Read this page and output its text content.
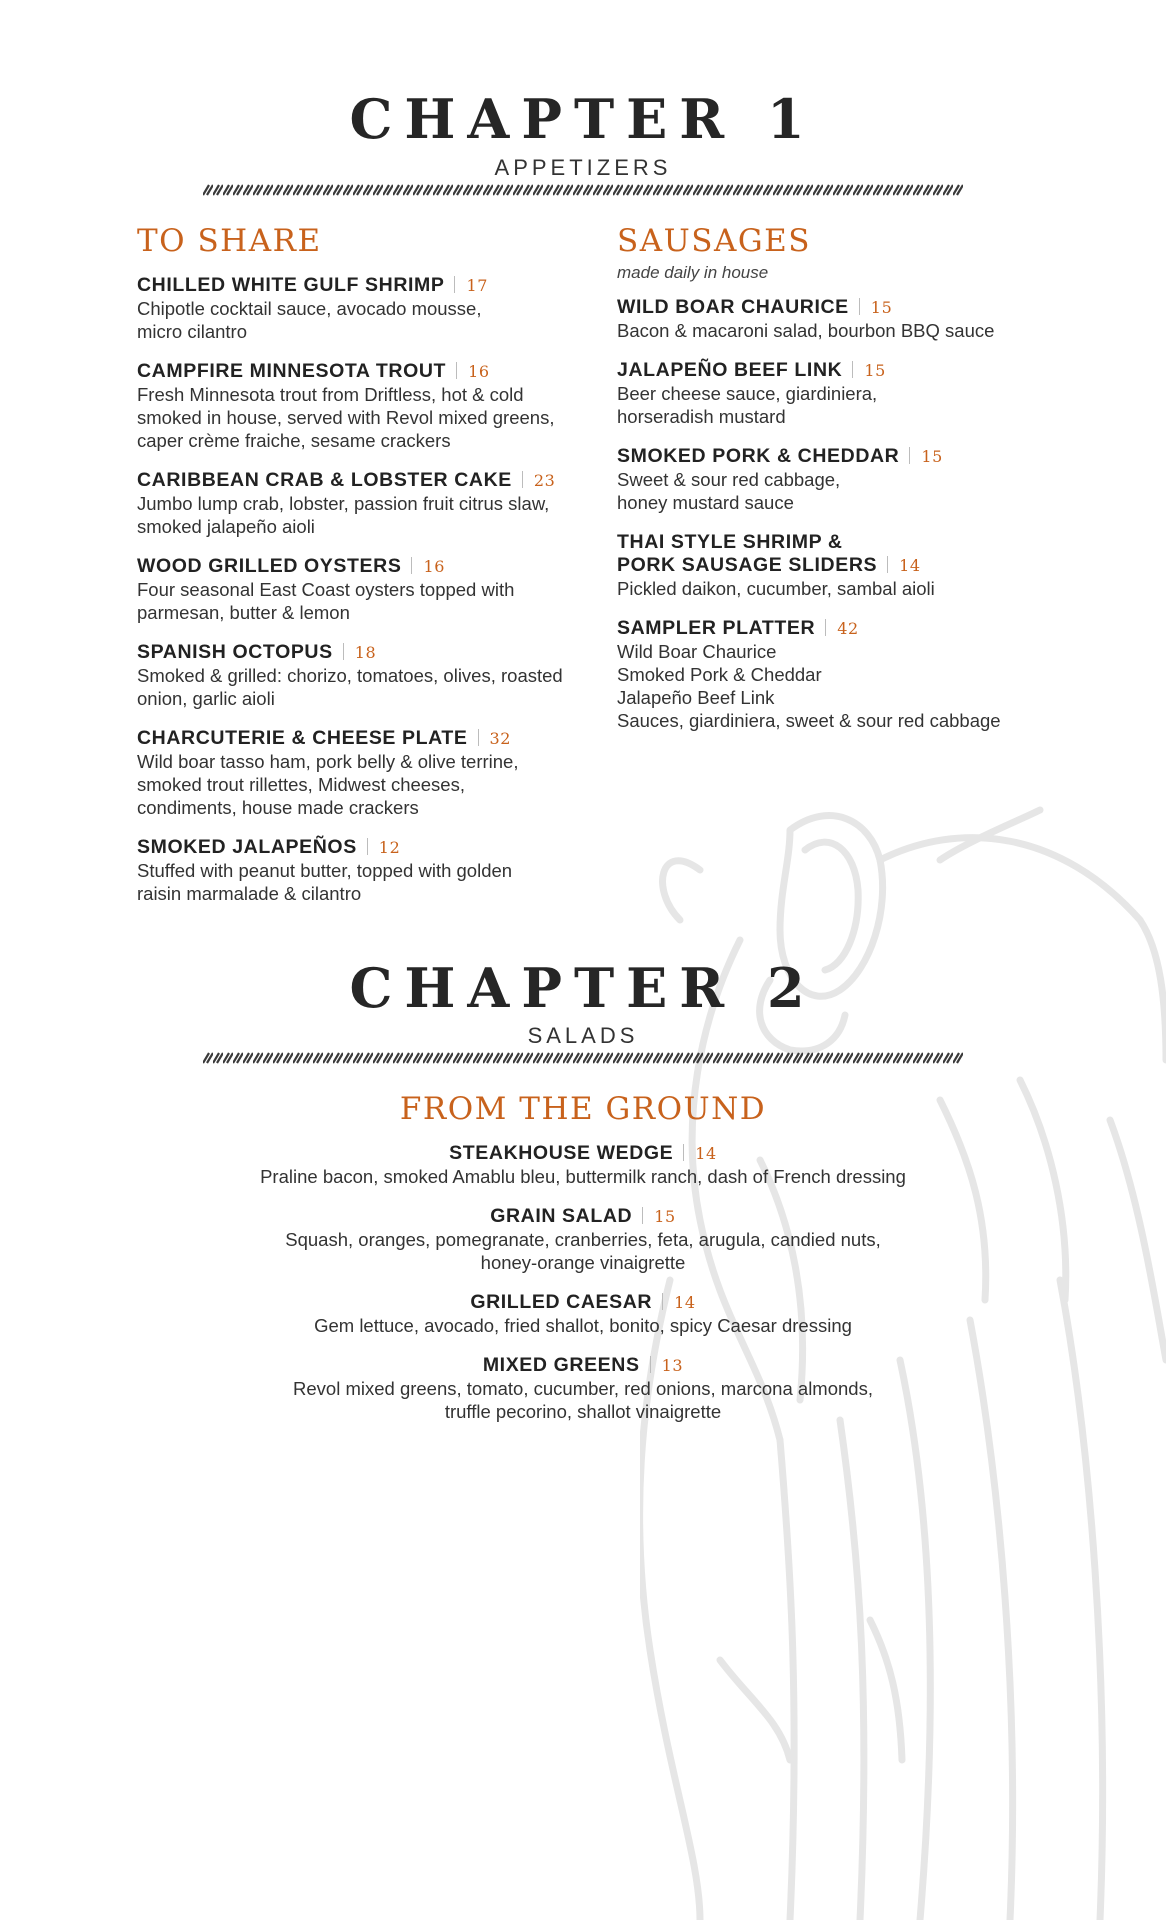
CHAPTER 1
APPETIZERS
TO SHARE
CHILLED WHITE GULF SHRIMP 17
Chipotle cocktail sauce, avocado mousse,
micro cilantro
CAMPFIRE MINNESOTA TROUT 16
Fresh Minnesota trout from Driftless, hot & cold
smoked in house, served with Revol mixed greens,
caper crème fraiche, sesame crackers
CARIBBEAN CRAB & LOBSTER CAKE 23
Jumbo lump crab, lobster, passion fruit citrus slaw,
smoked jalapeño aioli
WOOD GRILLED OYSTERS 16
Four seasonal East Coast oysters topped with
parmesan, butter & lemon
SPANISH OCTOPUS 18
Smoked & grilled: chorizo, tomatoes, olives, roasted
onion, garlic aioli
CHARCUTERIE & CHEESE PLATE 32
Wild boar tasso ham, pork belly & olive terrine,
smoked trout rillettes, Midwest cheeses,
condiments, house made crackers
SMOKED JALAPEÑOS 12
Stuffed with peanut butter, topped with golden
raisin marmalade & cilantro
SAUSAGES
made daily in house
WILD BOAR CHAURICE 15
Bacon & macaroni salad, bourbon BBQ sauce
JALAPEÑO BEEF LINK 15
Beer cheese sauce, giardiniera,
horseradish mustard
SMOKED PORK & CHEDDAR 15
Sweet & sour red cabbage,
honey mustard sauce
THAI STYLE SHRIMP &
PORK SAUSAGE SLIDERS 14
Pickled daikon, cucumber, sambal aioli
SAMPLER PLATTER 42
Wild Boar Chaurice
Smoked Pork & Cheddar
Jalapeño Beef Link
Sauces, giardiniera, sweet & sour red cabbage
CHAPTER 2
SALADS
FROM THE GROUND
STEAKHOUSE WEDGE 14
Praline bacon, smoked Amablu bleu, buttermilk ranch, dash of French dressing
GRAIN SALAD 15
Squash, oranges, pomegranate, cranberries, feta, arugula, candied nuts,
honey-orange vinaigrette
GRILLED CAESAR 14
Gem lettuce, avocado, fried shallot, bonito, spicy Caesar dressing
MIXED GREENS 13
Revol mixed greens, tomato, cucumber, red onions, marcona almonds,
truffle pecorino, shallot vinaigrette
